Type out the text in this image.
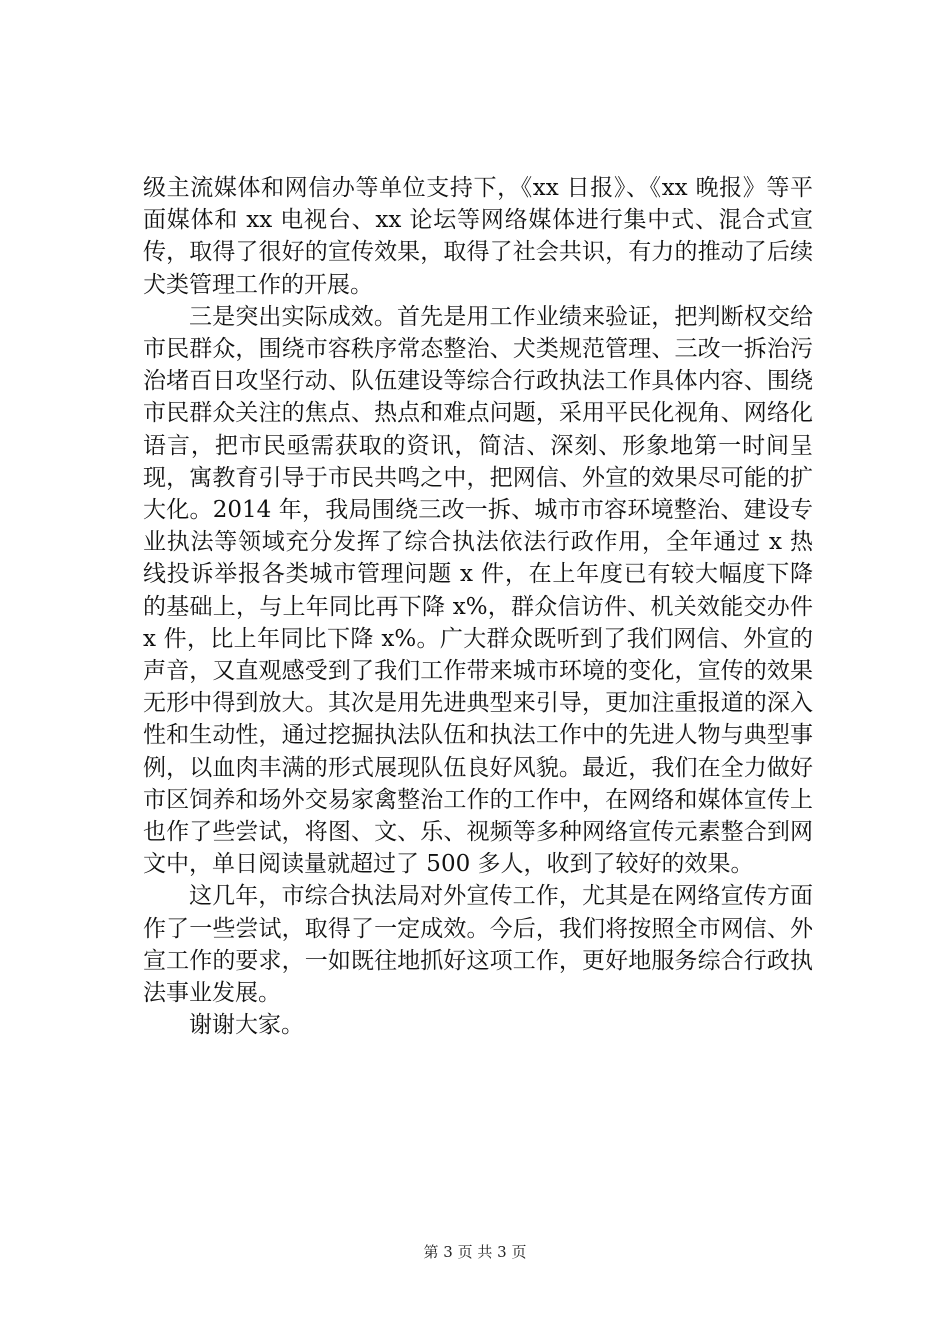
级主流媒体和网信办等单位支持下，《xx 日报》、《xx 晚报》等平面媒体和 xx 电视台、xx 论坛等网络媒体进行集中式、混合式宣传，取得了很好的宣传效果，取得了社会共识，有力的推动了后续犬类管理工作的开展。

三是突出实际成效。首先是用工作业绩来验证，把判断权交给市民群众，围绕市容秩序常态整治、犬类规范管理、三改一拆治污治堵百日攻坚行动、队伍建设等综合行政执法工作具体内容、围绕市民群众关注的焦点、热点和难点问题，采用平民化视角、网络化语言，把市民亟需获取的资讯，简洁、深刻、形象地第一时间呈现，寓教育引导于市民共鸣之中，把网信、外宣的效果尽可能的扩大化。2014 年，我局围绕三改一拆、城市市容环境整治、建设专业执法等领域充分发挥了综合执法依法行政作用，全年通过 x 热线投诉举报各类城市管理问题 x 件，在上年度已有较大幅度下降的基础上，与上年同比再下降 x%，群众信访件、机关效能交办件 x 件，比上年同比下降 x%。广大群众既听到了我们网信、外宣的声音，又直观感受到了我们工作带来城市环境的变化，宣传的效果无形中得到放大。其次是用先进典型来引导，更加注重报道的深入性和生动性，通过挖掘执法队伍和执法工作中的先进人物与典型事例，以血肉丰满的形式展现队伍良好风貌。最近，我们在全力做好市区饲养和场外交易家禽整治工作的工作中，在网络和媒体宣传上也作了些尝试，将图、文、乐、视频等多种网络宣传元素整合到网文中，单日阅读量就超过了 500 多人，收到了较好的效果。

这几年，市综合执法局对外宣传工作，尤其是在网络宣传方面作了一些尝试，取得了一定成效。今后，我们将按照全市网信、外宣工作的要求，一如既往地抓好这项工作，更好地服务综合行政执法事业发展。

谢谢大家。

第 3 页 共 3 页
